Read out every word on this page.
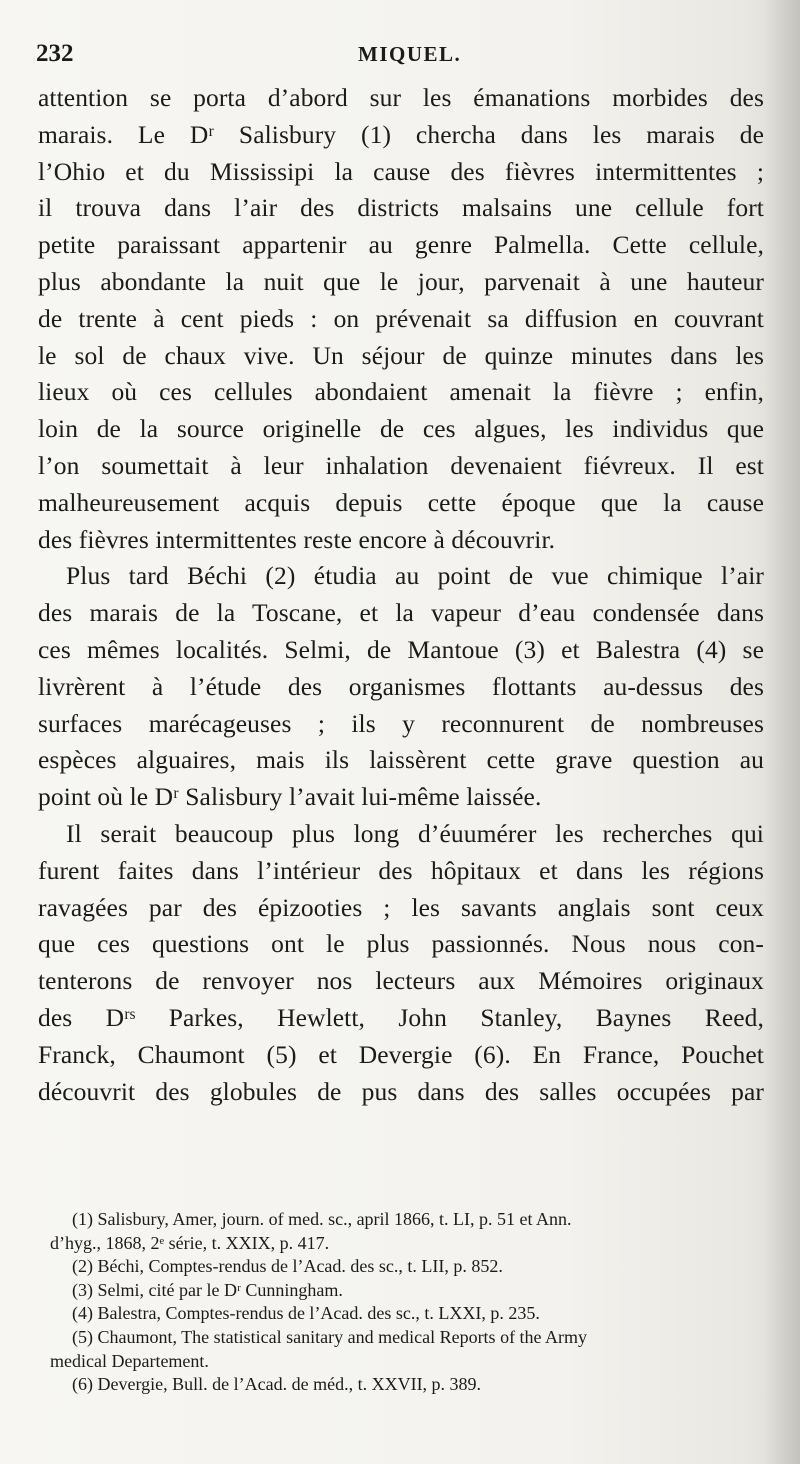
232	MIQUEL.
attention se porta d’abord sur les émanations morbides des
marais. Le Dʳ Salisbury (1) chercha dans les marais de
l’Ohio et du Mississipi la cause des fièvres intermittentes ;
il trouva dans l’air des districts malsains une cellule fort
petite paraissant appartenir au genre Palmella. Cette cellule,
plus abondante la nuit que le jour, parvenait à une hauteur
de trente à cent pieds : on prévenait sa diffusion en couvrant
le sol de chaux vive. Un séjour de quinze minutes dans les
lieux où ces cellules abondaient amenait la fièvre ; enfin,
loin de la source originelle de ces algues, les individus que
l’on soumettait à leur inhalation devenaient fiévreux. Il est
malheureusement acquis depuis cette époque que la cause
des fièvres intermittentes reste encore à découvrir.
Plus tard Béchi (2) étudia au point de vue chimique l’air
des marais de la Toscane, et la vapeur d’eau condensée dans
ces mêmes localités. Selmi, de Mantoue (3) et Balestra (4) se
livrèrent à l’étude des organismes flottants au-dessus des
surfaces marécageuses ; ils y reconnurent de nombreuses
espèces alguaires, mais ils laissèrent cette grave question au
point où le Dʳ Salisbury l’avait lui-même laissée.
Il serait beaucoup plus long d’éuumérer les recherches qui
furent faites dans l’intérieur des hôpitaux et dans les régions
ravagées par des épizooties ; les savants anglais sont ceux
que ces questions ont le plus passionnés. Nous nous con-
tenterons de renvoyer nos lecteurs aux Mémoires originaux
des Dʳˢ Parkes, Hewlett, John Stanley, Baynes Reed,
Franck, Chaumont (5) et Devergie (6). En France, Pouchet
découvrit des globules de pus dans des salles occupées par
(1) Salisbury, Amer, journ. of med. sc., april 1866, t. LI, p. 51 et Ann.
d’hyg., 1868, 2ᵉ série, t. XXIX, p. 417.
(2) Béchi, Comptes-rendus de l’Acad. des sc., t. LII, p. 852.
(3) Selmi, cité par le Dʳ Cunningham.
(4) Balestra, Comptes-rendus de l’Acad. des sc., t. LXXI, p. 235.
(5) Chaumont, The statistical sanitary and medical Reports of the Army
medical Departement.
(6) Devergie, Bull. de l’Acad. de méd., t. XXVII, p. 389.
